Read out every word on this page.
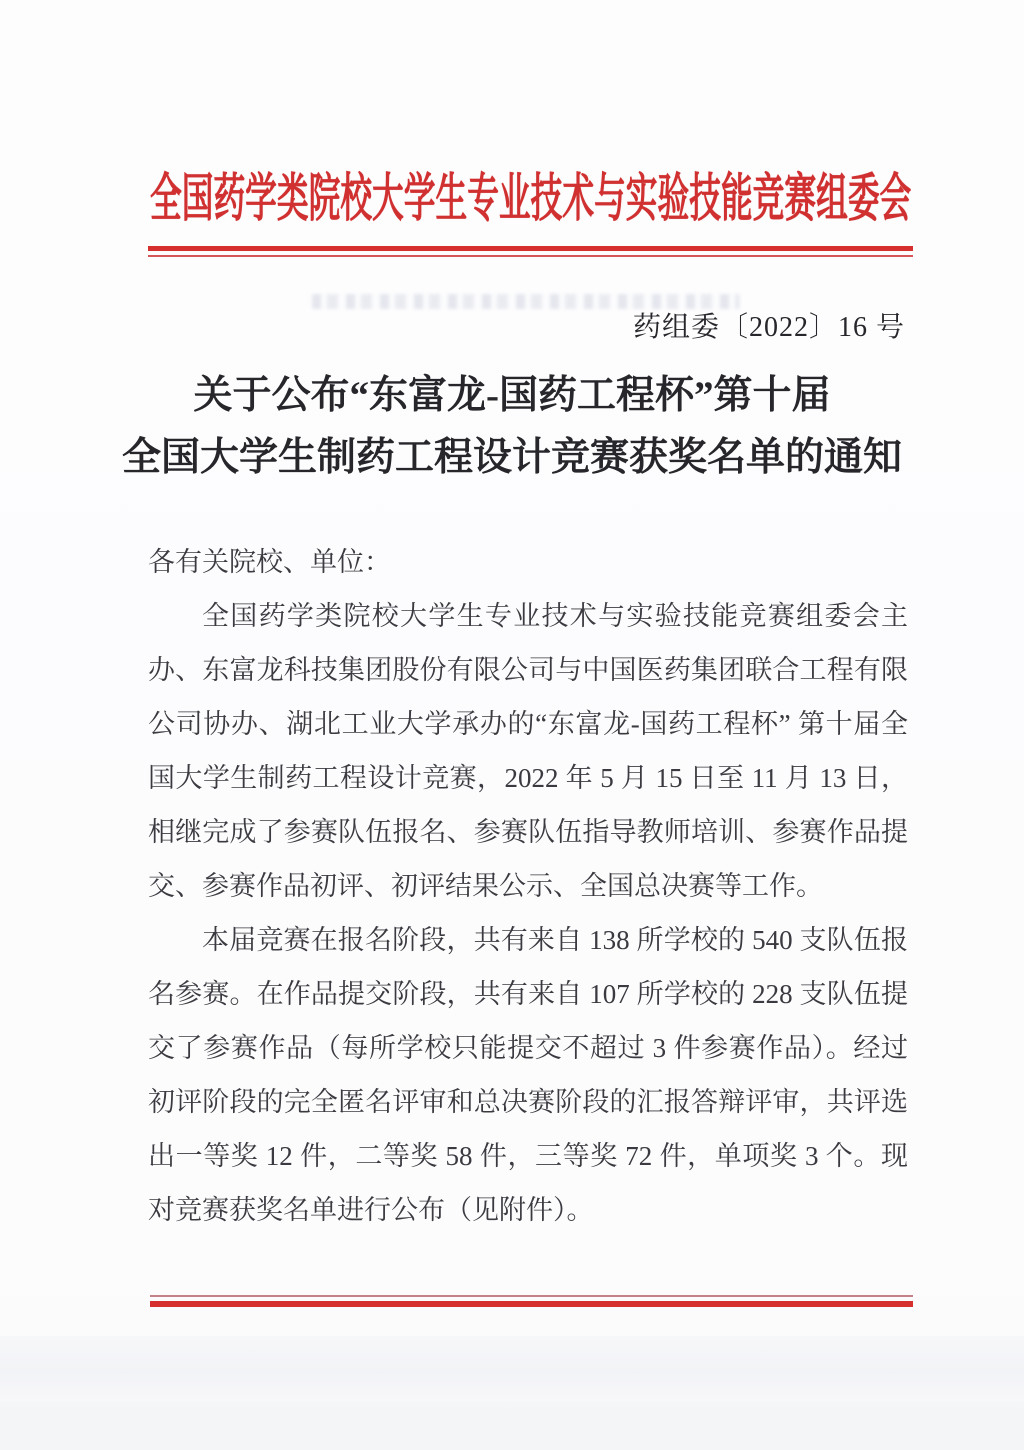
全国药学类院校大学生专业技术与实验技能竞赛组委会
药组委〔2022〕16 号
关于公布“东富龙-国药工程杯”第十届
全国大学生制药工程设计竞赛获奖名单的通知
各有关院校、单位：
全国药学类院校大学生专业技术与实验技能竞赛组委会主
办、东富龙科技集团股份有限公司与中国医药集团联合工程有限
公司协办、湖北工业大学承办的“东富龙-国药工程杯” 第十届全
国大学生制药工程设计竞赛，2022 年 5 月 15 日至 11 月 13 日，
相继完成了参赛队伍报名、参赛队伍指导教师培训、参赛作品提
交、参赛作品初评、初评结果公示、全国总决赛等工作。
本届竞赛在报名阶段，共有来自 138 所学校的 540 支队伍报
名参赛。在作品提交阶段，共有来自 107 所学校的 228 支队伍提
交了参赛作品（每所学校只能提交不超过 3 件参赛作品）。经过
初评阶段的完全匿名评审和总决赛阶段的汇报答辩评审，共评选
出一等奖 12 件，二等奖 58 件，三等奖 72 件，单项奖 3 个。现
对竞赛获奖名单进行公布（见附件）。
